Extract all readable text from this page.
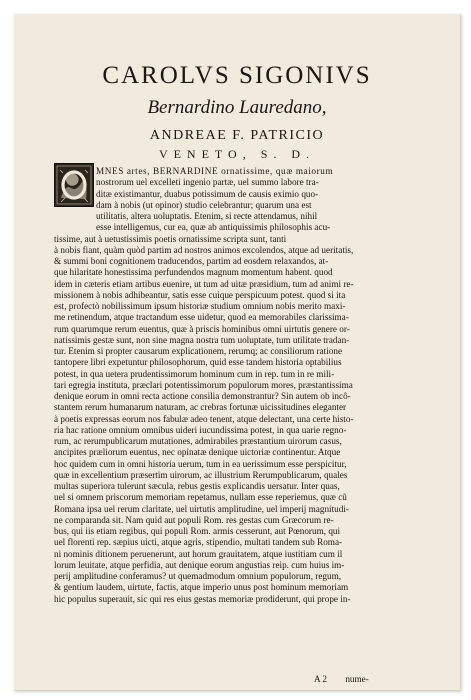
CAROLVS SIGONIVS
Bernardino Lauredano,
ANDREAE F. PATRICIO
VENETO, S. D.
MNES artes, BERNARDINE ornatissime, quæ maiorum
nostrorum uel excelleti ingenio partæ, uel summo labore tra-
ditæ existimantur, duabus potissimum de causis eximio quo-
dam à nobis (ut opinor) studio celebrantur; quarum una est
utilitatis, altera uoluptatis. Etenim, si recte attendamus, nihil
esse intelligemus, cur ea, quæ ab antiquissimis philosophis acu-
tissime, aut à uetustissimis poetis ornatissime scripta sunt, tanti
à nobis fiant, quàm quòd partim ad nostros animos excolendos, atque ad ueritatis,
& summi boni cognitionem traducendos, partim ad eosdem relaxandos, at-
que hilaritate honestissima perfundendos magnum momentum habent. quod
idem in cæteris etiam artibus euenire, ut tum ad uitæ præsidium, tum ad animi re-
missionem à nobis adhibeantur, satis esse cuique perspicuum potest. quod si ita
est, profectò nobilissimum ipsum historiæ studium omnium nobis merito maxi-
me retinendum, atque tractandum esse uidetur, quod ea memorabiles clarissima-
rum quarumque rerum euentus, quæ à priscis hominibus omni uirtutis genere or-
natissimis gestæ sunt, non sine magna nostra tum uoluptate, tum utilitate tradan-
tur. Etenim si propter causarum explicationem, rerumq; ac consiliorum ratione
tantopere libri expetuntur philosophorum, quid esse tandem historia optabilius
potest, in qua uetera prudentissimorum hominum cum in rep. tum in re mili-
tari egregia instituta, præclari potentissimorum populorum mores, præstantissima
denique eorum in omni recta actione consilia demonstrantur? Sin autem ob incô-
stantem rerum humanarum naturam, ac crebras fortunæ uicissitudines eleganter
à poetis expressas eorum nos fabulæ adeo tenent, atque delectant, una certe histo-
ria hac ratione omnium omnibus uideri iucundissima potest, in qua uarie regno-
rum, ac rerumpublicarum mutationes, admirabiles præstantium uirorum casus,
ancipites præliorum euentus, nec opinatæ denique uictoriæ continentur. Atque
hoc quidem cum in omni historia uerum, tum in ea uerissimum esse perspicitur,
quæ in excellentium præsertim uirorum, ac illustrium Rerumpublicarum, quales
multas superiora tulerunt sæcula, rebus gestis explicandis uersatur. Inter quas,
uel si omnem priscorum memoriam repetamus, nullam esse reperiemus, quæ cũ
Romana ipsa uel rerum claritate, uel uirtutis amplitudine, uel imperij magnitudi-
ne comparanda sit. Nam quid aut populi Rom. res gestas cum Græcorum re-
bus, qui iis etiam regibus, qui populi Rom. armis cesserunt, aut Pœnorum, qui
uel florenti rep. sæpius uicti, atque agris, stipendio, multati tandem sub Roma-
ni nominis ditionem peruenerunt, aut horum grauitatem, atque iustitiam cum il
lorum leuitate, atque perfidia, aut denique eorum angustias reip. cum huius im-
perij amplitudine conferamus? ut quemadmodum omnium populorum, regum,
& gentium laudem, uirtute, factis, atque imperio unus post hominum memoriam
hic populus superauit, sic qui res eius gestas memoriæ prodiderunt, qui prope in-
A 2 nume-
